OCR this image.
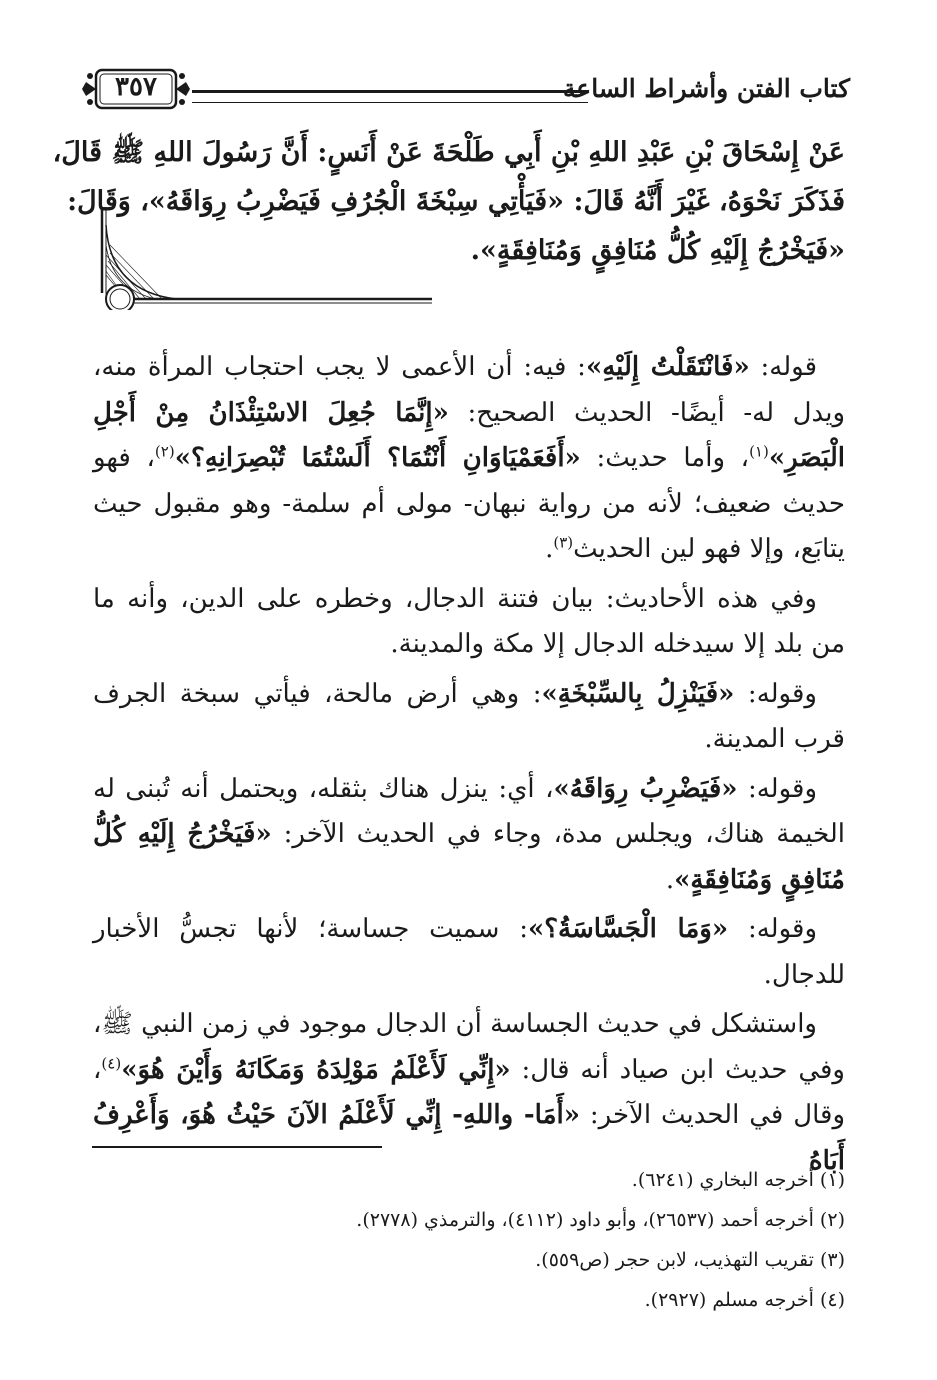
كتاب الفتن وأشراط الساعة
٣٥٧
عَنْ إِسْحَاقَ بْنِ عَبْدِ اللهِ بْنِ أَبِي طَلْحَةَ عَنْ أَنَسٍ: أَنَّ رَسُولَ اللهِ ﷺ قَالَ،
فَذَكَرَ نَحْوَهُ، غَيْرَ أَنَّهُ قَالَ: «فَيَأْتِي سِبْخَةَ الْجُرُفِ فَيَضْرِبُ رِوَاقَهُ»، وَقَالَ:
«فَيَخْرُجُ إِلَيْهِ كُلُّ مُنَافِقٍ وَمُنَافِقَةٍ».

قوله: «فَانْتَقَلْتُ إِلَيْهِ»: فيه: أن الأعمى لا يجب احتجاب المرأة منه، ويدل له- أيضًا- الحديث الصحيح: «إِنَّمَا جُعِلَ الاسْتِئْذَانُ مِنْ أَجْلِ الْبَصَرِ»$^{(١)}$، وأما حديث: «أَفَعَمْيَاوَانِ أَنْتُمَا؟ أَلَسْتُمَا تُبْصِرَانِهِ؟»$^{(٢)}$، فهو حديث ضعيف؛ لأنه من رواية نبهان- مولى أم سلمة- وهو مقبول حيث يتابَع، وإلا فهو لين الحديث$^{(٣)}$.

وفي هذه الأحاديث: بيان فتنة الدجال، وخطره على الدين، وأنه ما من بلد إلا سيدخله الدجال إلا مكة والمدينة.

وقوله: «فَيَنْزِلُ بِالسِّبْخَةِ»: وهي أرض مالحة، فيأتي سبخة الجرف قرب المدينة.

وقوله: «فَيَضْرِبُ رِوَاقَهُ»، أي: ينزل هناك بثقله، ويحتمل أنه تُبنى له الخيمة هناك، ويجلس مدة، وجاء في الحديث الآخر: «فَيَخْرُجُ إِلَيْهِ كُلُّ مُنَافِقٍ وَمُنَافِقَةٍ».

وقوله: «وَمَا الْجَسَّاسَةُ؟»: سميت جساسة؛ لأنها تجسُّ الأخبار للدجال.

واستشكل في حديث الجساسة أن الدجال موجود في زمن النبي ﷺ، وفي حديث ابن صياد أنه قال: «إِنِّي لَأَعْلَمُ مَوْلِدَهُ وَمَكَانَهُ وَأَيْنَ هُوَ»$^{(٤)}$، وقال في الحديث الآخر: «أَمَا- واللهِ- إِنِّي لَأَعْلَمُ الآنَ حَيْثُ هُوَ، وَأَعْرِفُ أَبَاهُ

(١) أخرجه البخاري (٦٢٤١).
(٢) أخرجه أحمد (٢٦٥٣٧)، وأبو داود (٤١١٢)، والترمذي (٢٧٧٨).
(٣) تقريب التهذيب، لابن حجر (ص٥٥٩).
(٤) أخرجه مسلم (٢٩٢٧).
